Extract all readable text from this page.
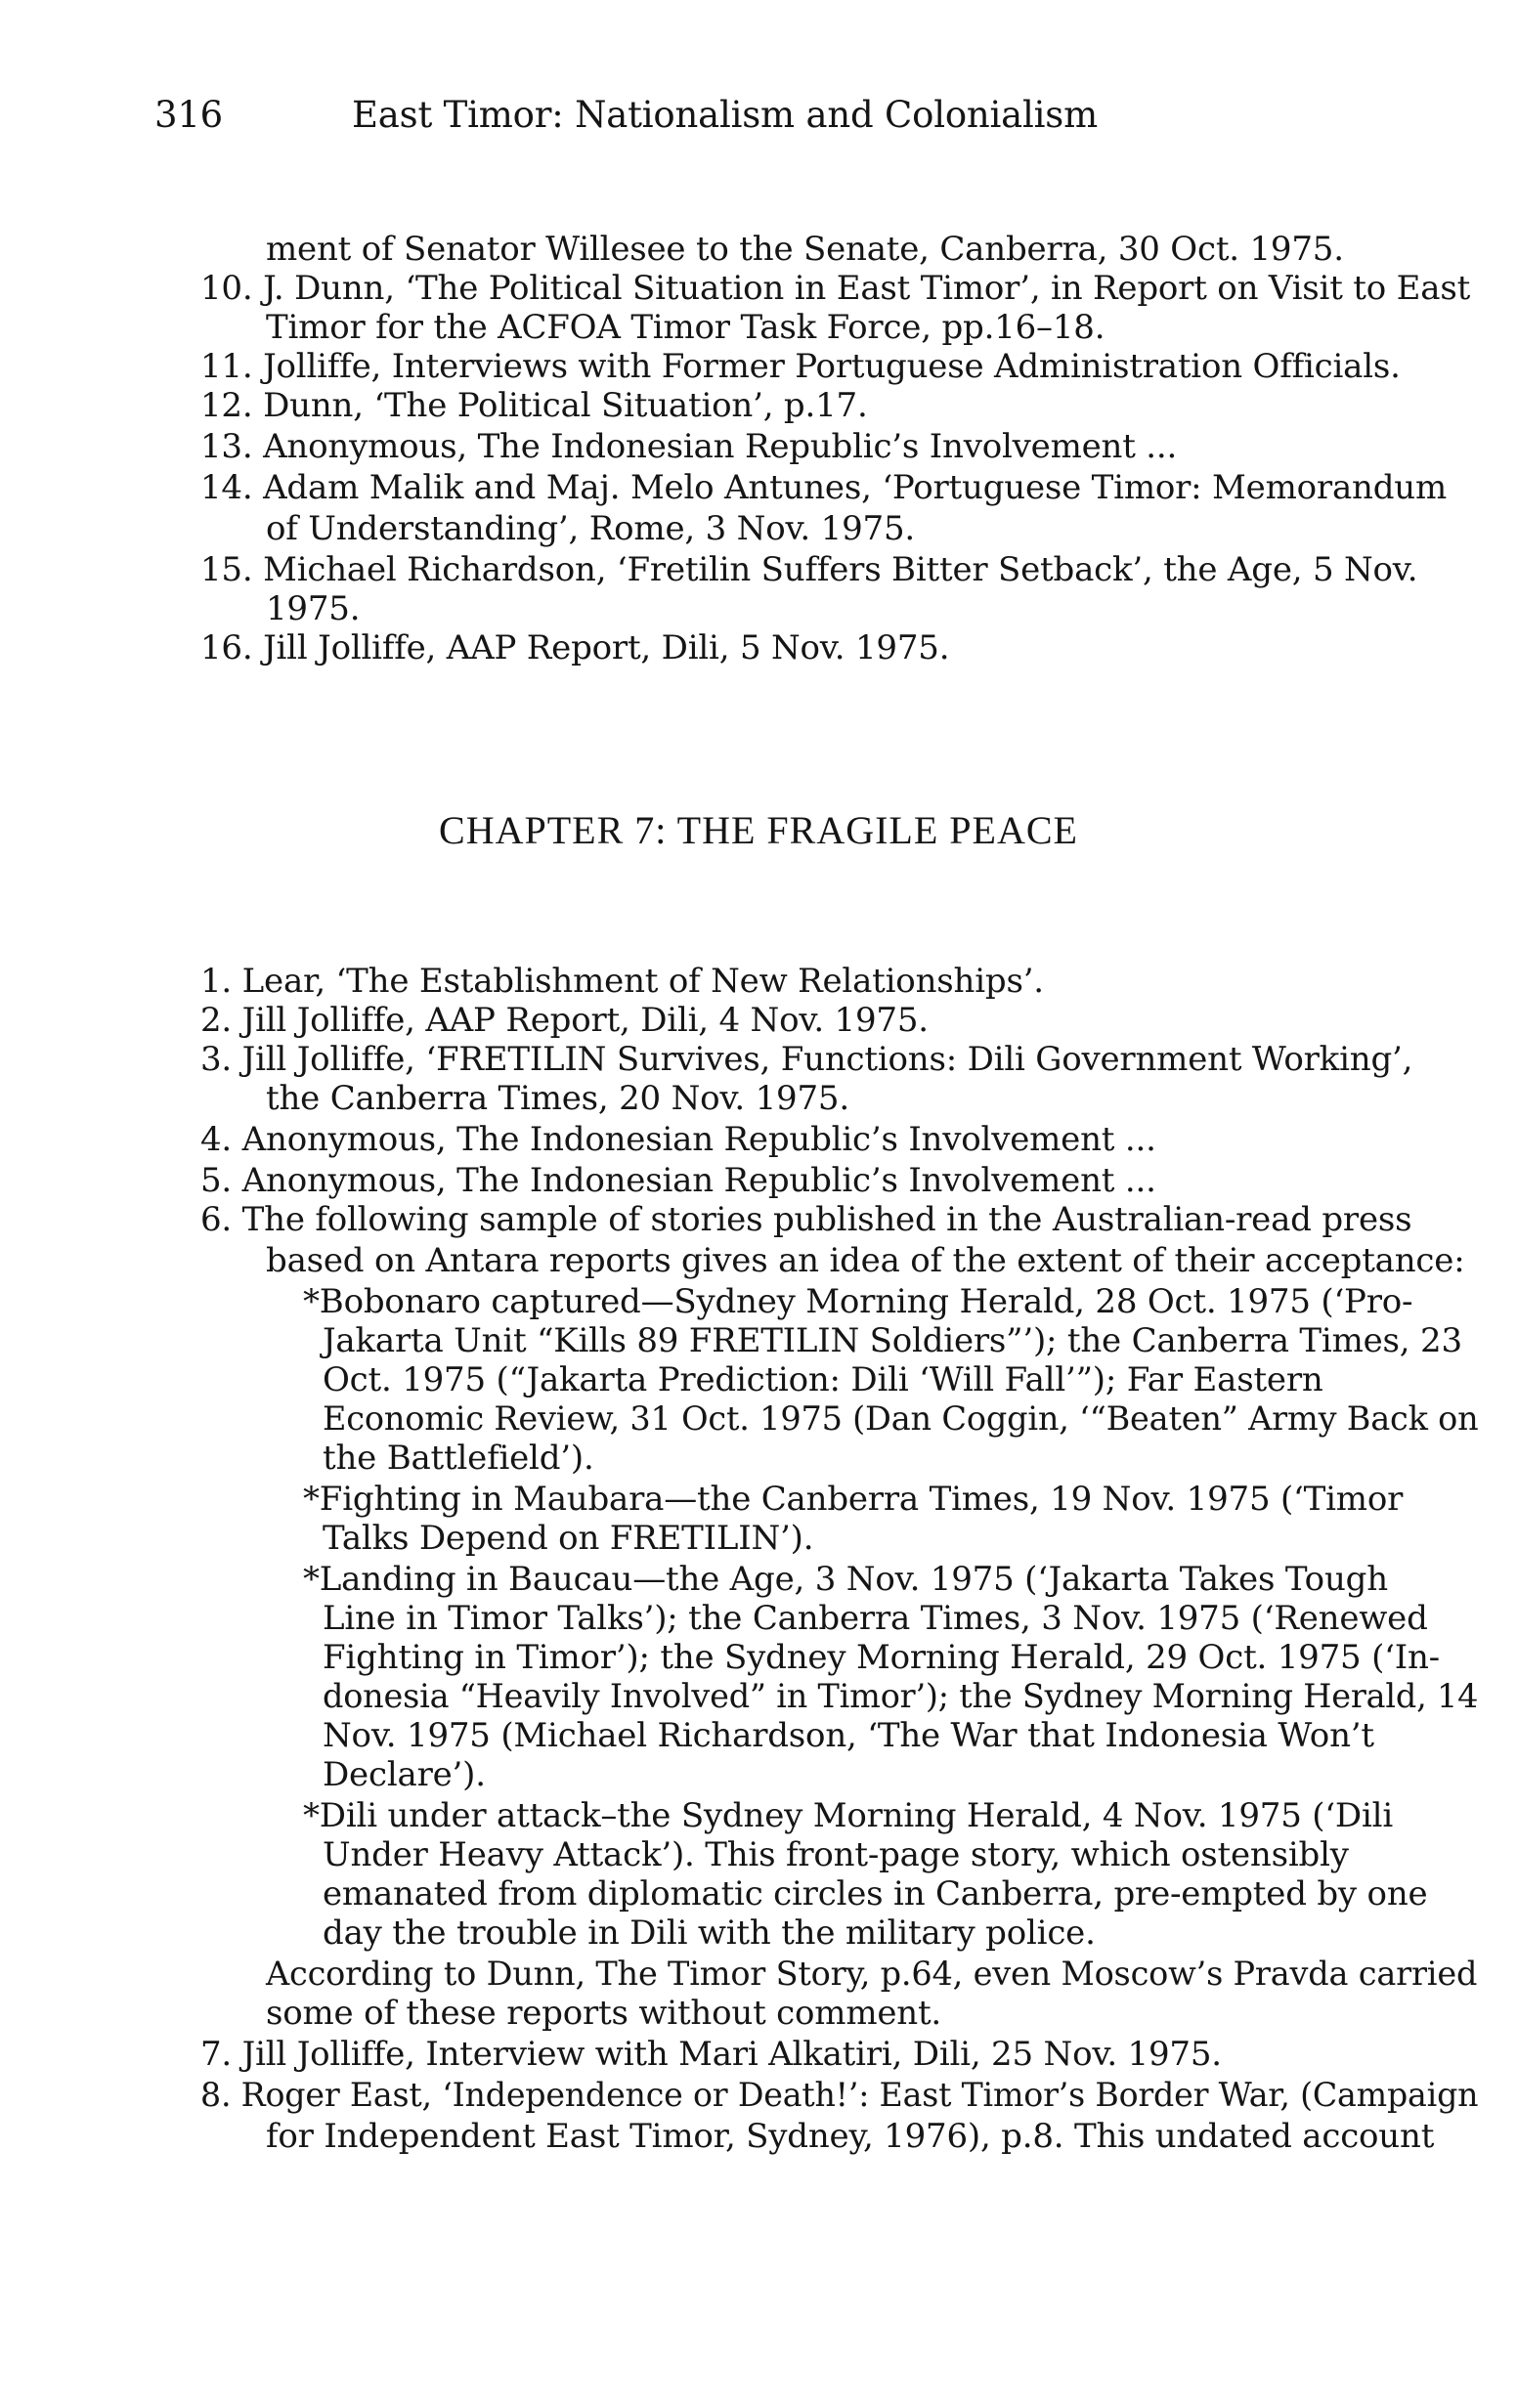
316	East Timor: Nationalism and Colonialism
ment of Senator Willesee to the Senate, Canberra, 30 Oct. 1975.
10. J. Dunn, ‘The Political Situation in East Timor’, in Report on Visit to East
Timor for the ACFOA Timor Task Force, pp.16–18.
11. Jolliffe, Interviews with Former Portuguese Administration Officials.
12. Dunn, ‘The Political Situation’, p.17.
13. Anonymous, The Indonesian Republic’s Involvement ...
14. Adam Malik and Maj. Melo Antunes, ‘Portuguese Timor: Memorandum
of Understanding’, Rome, 3 Nov. 1975.
15. Michael Richardson, ‘Fretilin Suffers Bitter Setback’, the Age, 5 Nov.
1975.
16. Jill Jolliffe, AAP Report, Dili, 5 Nov. 1975.
CHAPTER 7: THE FRAGILE PEACE
1. Lear, ‘The Establishment of New Relationships’.
2. Jill Jolliffe, AAP Report, Dili, 4 Nov. 1975.
3. Jill Jolliffe, ‘FRETILIN Survives, Functions: Dili Government Working’,
the Canberra Times, 20 Nov. 1975.
4. Anonymous, The Indonesian Republic’s Involvement ...
5. Anonymous, The Indonesian Republic’s Involvement ...
6. The following sample of stories published in the Australian-read press
based on Antara reports gives an idea of the extent of their acceptance:
*Bobonaro captured—Sydney Morning Herald, 28 Oct. 1975 (‘Pro-
Jakarta Unit “Kills 89 FRETILIN Soldiers”’); the Canberra Times, 23
Oct. 1975 (“Jakarta Prediction: Dili ‘Will Fall’”); Far Eastern
Economic Review, 31 Oct. 1975 (Dan Coggin, ‘“Beaten” Army Back on
the Battlefield’).
*Fighting in Maubara—the Canberra Times, 19 Nov. 1975 (‘Timor
Talks Depend on FRETILIN’).
*Landing in Baucau—the Age, 3 Nov. 1975 (‘Jakarta Takes Tough
Line in Timor Talks’); the Canberra Times, 3 Nov. 1975 (‘Renewed
Fighting in Timor’); the Sydney Morning Herald, 29 Oct. 1975 (‘In-
donesia “Heavily Involved” in Timor’); the Sydney Morning Herald, 14
Nov. 1975 (Michael Richardson, ‘The War that Indonesia Won’t
Declare’).
*Dili under attack–the Sydney Morning Herald, 4 Nov. 1975 (‘Dili
Under Heavy Attack’). This front-page story, which ostensibly
emanated from diplomatic circles in Canberra, pre-empted by one
day the trouble in Dili with the military police.
According to Dunn, The Timor Story, p.64, even Moscow’s Pravda carried
some of these reports without comment.
7. Jill Jolliffe, Interview with Mari Alkatiri, Dili, 25 Nov. 1975.
8. Roger East, ‘Independence or Death!’: East Timor’s Border War, (Campaign
for Independent East Timor, Sydney, 1976), p.8. This undated account
